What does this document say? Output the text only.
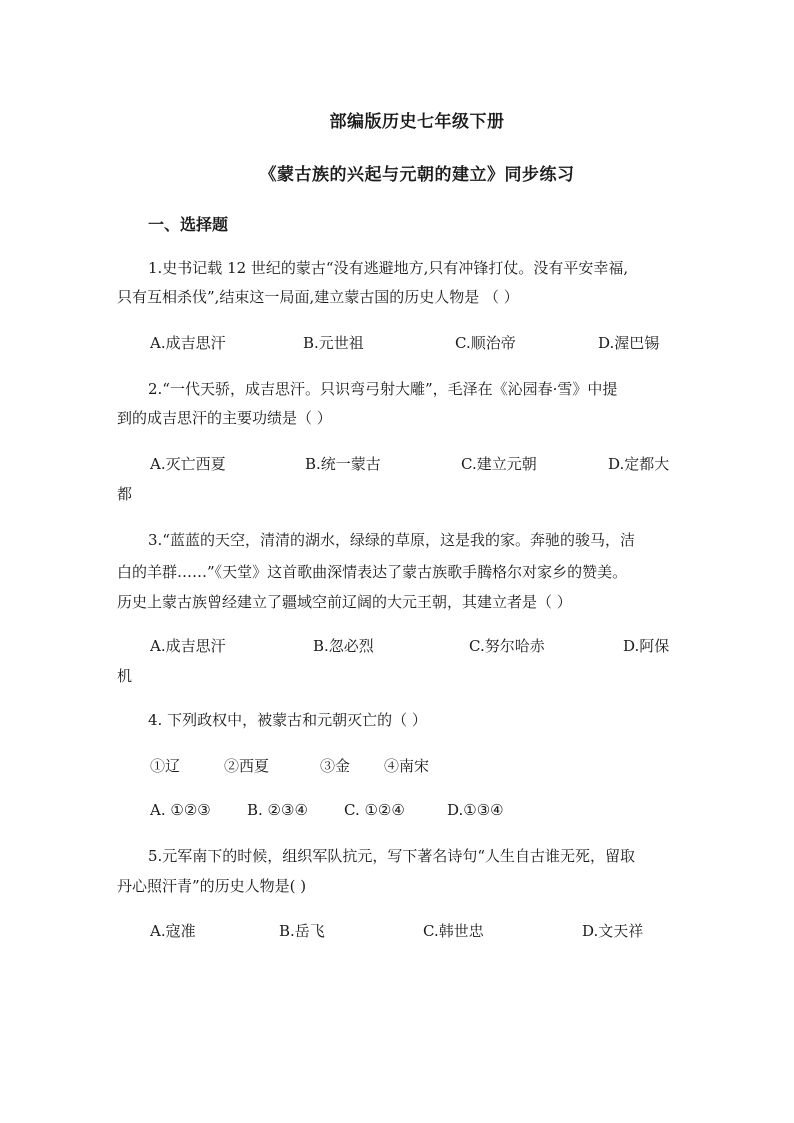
部编版历史七年级下册
《蒙古族的兴起与元朝的建立》同步练习
一、选择题
1.史书记载 12 世纪的蒙古“没有逃避地方,只有冲锋打仗。没有平安幸福,
只有互相杀伐”,结束这一局面,建立蒙古国的历史人物是 （ ）
A.成吉思汗	B.元世祖	C.顺治帝	D.渥巴锡
2.“一代天骄，成吉思汗。只识弯弓射大雕”，毛泽在《沁园春·雪》中提
到的成吉思汗的主要功绩是（ ）
A.灭亡西夏	B.统一蒙古	C.建立元朝	D.定都大
都
3.“蓝蓝的天空，清清的湖水，绿绿的草原，这是我的家。奔驰的骏马，洁
白的羊群……”《天堂》这首歌曲深情表达了蒙古族歌手腾格尔对家乡的赞美。
历史上蒙古族曾经建立了疆域空前辽阔的大元王朝，其建立者是（ ）
A.成吉思汗	B.忽必烈	C.努尔哈赤	D.阿保
机
4. 下列政权中，被蒙古和元朝灭亡的（ ）
①辽	②西夏	③金 ④南宋
A. ①②③ B. ②③④ C. ①②④	D.①③④
5.元军南下的时候，组织军队抗元，写下著名诗句“人生自古谁无死，留取
丹心照汗青”的历史人物是( )
A.寇准	B.岳飞	C.韩世忠	D.文天祥
